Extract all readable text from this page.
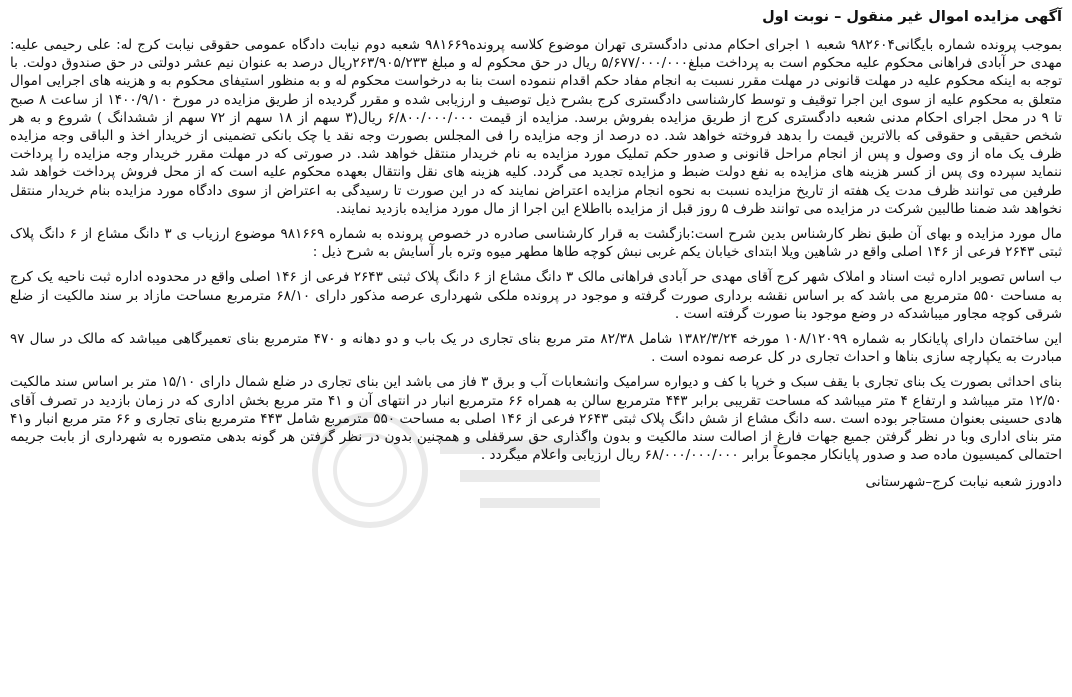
آگهی مزایده اموال غیر منقول – نوبت اول
بموجب پرونده شماره بایگانی۹۸۲۶۰۴ شعبه ۱ اجرای احکام مدنی دادگستری تهران موضوع کلاسه پرونده۹۸۱۶۶۹ شعبه دوم نیابت دادگاه عمومی حقوقی نیابت کرج له: علی رحیمی علیه: مهدی حر آبادی فراهانی محکوم علیه محکوم است به پرداخت مبلغ۵/۶۷۷/۰۰۰/۰۰۰ ریال در حق محکوم له و مبلغ ۲۶۳/۹۰۵/۲۳۳ریال درصد به عنوان نیم عشر دولتی در حق صندوق دولت. با توجه به اینکه محکوم علیه در مهلت قانونی در مهلت مقرر نسبت به انجام مفاد حکم اقدام ننموده است بنا به درخواست محکوم له و به منظور استیفای محکوم به و هزینه های اجرایی اموال متعلق به محکوم علیه از سوی این اجرا توقیف و توسط کارشناسی دادگستری کرج بشرح ذیل توصیف و ارزیابی شده و مقرر گردیده از طریق مزایده در مورخ ۱۴۰۰/۹/۱۰ از ساعت ۸ صبح تا ۹ در محل اجرای احکام مدنی شعبه دادگستری کرج از طریق مزایده بفروش برسد. مزایده از قیمت ۶/۸۰۰/۰۰۰/۰۰۰ ریال(۳ سهم از ۱۸ سهم از ۷۲ سهم از ششدانگ ) شروع و به هر شخص حقیقی و حقوقی که بالاترین قیمت را بدهد فروخته خواهد شد. ده درصد از وجه مزایده را فی المجلس بصورت وجه نقد یا چک بانکی تضمینی از خریدار اخذ و الباقی وجه مزایده ظرف یک ماه از وی وصول و پس از انجام مراحل قانونی و صدور حکم تملیک مورد مزایده به نام خریدار منتقل خواهد شد. در صورتی که در مهلت مقرر خریدار وجه مزایده را پرداخت ننماید سپرده وی پس از کسر هزینه های مزایده به نفع دولت ضبط و مزایده تجدید می گردد. کلیه هزینه های نقل وانتقال بعهده محکوم علیه است که از محل فروش پرداخت خواهد شد طرفین می توانند ظرف مدت یک هفته از تاریخ مزایده نسبت به نحوه انجام مزایده اعتراض نمایند که در این صورت تا رسیدگی به اعتراض از سوی دادگاه مورد مزایده بنام خریدار منتقل نخواهد شد ضمنا طالبین شرکت در مزایده می توانند ظرف ۵ روز قبل از مزایده بااطلاع این اجرا از مال مورد مزایده بازدید نمایند.
مال مورد مزایده و بهای آن طبق نظر کارشناس بدین شرح است:بازگشت به قرار کارشناسی صادره در خصوص پرونده به شماره ۹۸۱۶۶۹ موضوع ارزیاب ی ۳ دانگ مشاع از ۶ دانگ پلاک ثبتی ۲۶۴۳ فرعی از ۱۴۶ اصلی واقع در شاهین ویلا ابتدای خیابان یکم غربی نبش کوچه طاها مطهر میوه وتره بار آسایش به شرح ذیل :
ب اساس تصویر اداره ثبت اسناد و املاک شهر کرج آقای مهدی حر آبادی فراهانی مالک ۳ دانگ مشاع از ۶ دانگ پلاک ثبتی ۲۶۴۳ فرعی از ۱۴۶ اصلی واقع در محدوده اداره ثبت ناحیه یک کرج به مساحت ۵۵۰ مترمربع می باشد که بر اساس نقشه برداری صورت گرفته و موجود در پرونده ملکی شهرداری عرصه مذکور دارای ۶۸/۱۰ مترمربع مساحت مازاد بر سند مالکیت از ضلع شرقی کوچه مجاور میباشدکه در وضع موجود بنا صورت گرفته است .
این ساختمان دارای پایانکار به شماره ۱۰۸/۱۲۰۹۹ مورخه ۱۳۸۲/۳/۲۴ شامل ۸۲/۳۸ متر مربع بنای تجاری در یک باب و دو دهانه و ۴۷۰ مترمربع بنای تعمیرگاهی میباشد که مالک در سال ۹۷ مبادرت به یکپارچه سازی بناها و احداث تجاری در کل عرصه نموده است .
بنای احداثی بصورت یک بنای تجاری با یقف سبک و خرپا با کف و دیواره سرامیک وانشعابات آب و برق ۳ فاز می باشد این بنای تجاری در ضلع شمال دارای ۱۵/۱۰ متر بر اساس سند مالکیت ۱۲/۵۰ متر میباشد و ارتفاع ۴ متر میباشد که مساحت تقریبی برابر ۴۴۳ مترمربع سالن به همراه ۶۶ مترمربع انبار در انتهای آن و ۴۱ متر مربع بخش اداری که در زمان بازدید در تصرف آقای هادی حسینی بعنوان مستاجر بوده است .سه دانگ مشاع از شش دانگ پلاک ثبتی ۲۶۴۳ فرعی از ۱۴۶ اصلی به مساحت ۵۵۰ مترمربع شامل ۴۴۳ مترمربع بنای تجاری و ۶۶ متر مربع انبار و۴۱ متر بنای اداری وبا در نظر گرفتن جمیع جهات فارغ از اصالت سند مالکیت و بدون واگذاری حق سرقفلی و همچنین بدون در نظر گرفتن هر گونه بدهی متصوره به شهرداری از بابت جریمه احتمالی کمیسیون ماده صد و صدور پایانکار مجموعاً برابر ۶۸/۰۰۰/۰۰۰/۰۰۰ ریال ارزیابی واعلام میگردد .
دادورز شعبه نیابت کرج–شهرستانی
